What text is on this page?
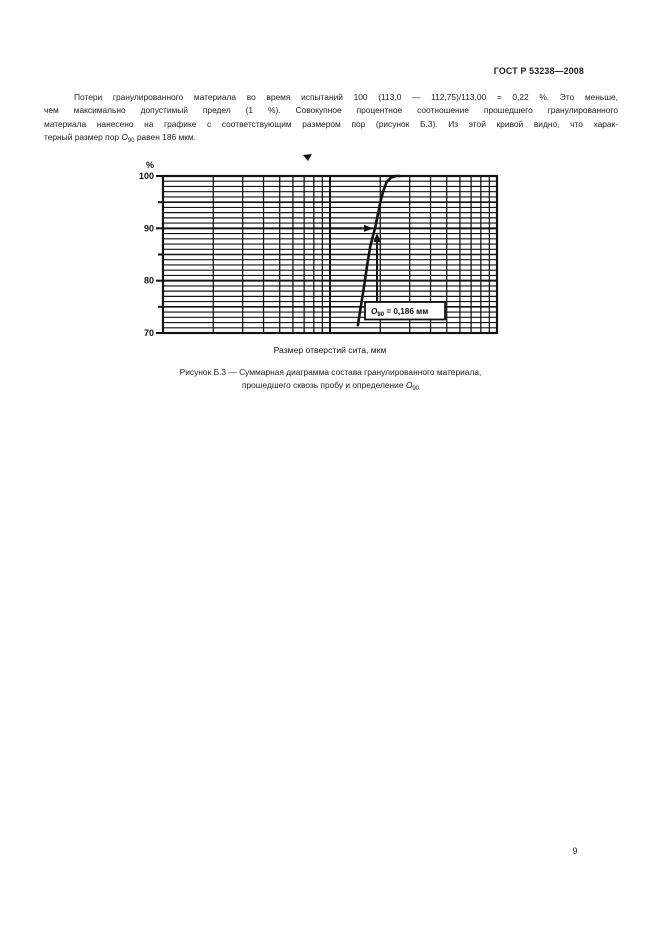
ГОСТ Р 53238—2008
Потери гранулированного материала во время испытаний 100 (113,0 — 112,75)/113,00 = 0,22 %. Это меньше,
чем максимально допустимый предел (1 %). Совокупное процентное соотношение прошедшего гранулированного
материала нанесено на графике с соответствующим размером пор (рисунок Б.3). Из этой кривой видно, что харак-
терный размер пор $O_{90}$ равен 186 мкм.
100
90
80
70
%
$O_{90} = 0,186$ мм
Размер отверстий сита, мкм
Рисунок Б.3 — Суммарная диаграмма состава гранулированного материала,
прошедшего сквозь пробу и определение $O_{90}$
9
